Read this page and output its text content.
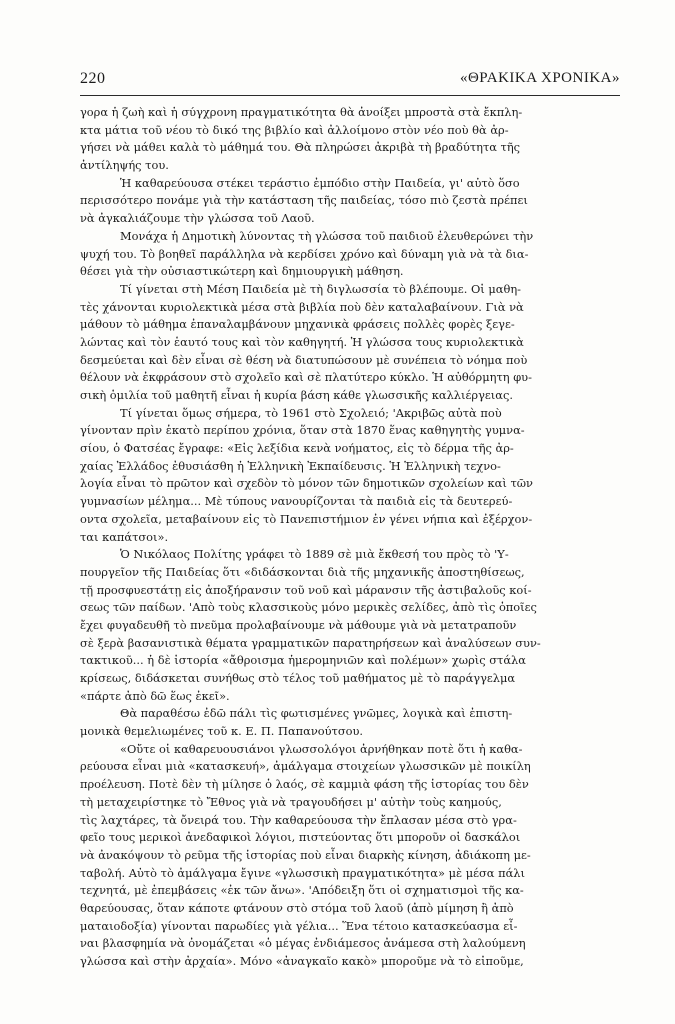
220	«ΘΡΑΚΙΚΑ ΧΡΟΝΙΚΑ»
γορα ἡ ζωὴ καὶ ἡ σύγχρονη πραγματικότητα θὰ ἀνοίξει μπροστὰ στὰ ἔκπλη-
κτα μάτια τοῦ νέου τὸ δικό της βιβλίο καὶ ἀλλοίμονο στὸν νέο ποὺ θὰ ἀρ-
γήσει νὰ μάθει καλὰ τὸ μάθημά του. Θὰ πληρώσει ἀκριβὰ τὴ βραδύτητα τῆς
ἀντίληψής του.
Ἡ καθαρεύουσα στέκει τεράστιο ἐμπόδιο στὴν Παιδεία, γι' αὐτὸ ὅσο
περισσότερο πονάμε γιὰ τὴν κατάσταση τῆς παιδείας, τόσο πιὸ ζεστὰ πρέπει
νὰ ἀγκαλιάζουμε τὴν γλώσσα τοῦ Λαοῦ.
Μονάχα ἡ Δημοτικὴ λύνοντας τὴ γλώσσα τοῦ παιδιοῦ ἐλευθερώνει τὴν
ψυχή του. Τὸ βοηθεῖ παράλληλα νὰ κερδίσει χρόνο καὶ δύναμη γιὰ νὰ τὰ δια-
θέσει γιὰ τὴν οὐσιαστικώτερη καὶ δημιουργικὴ μάθηση.
Τί γίνεται στὴ Μέση Παιδεία μὲ τὴ διγλωσσία τὸ βλέπουμε. Οἱ μαθη-
τὲς χάνονται κυριολεκτικὰ μέσα στὰ βιβλία ποὺ δὲν καταλαβαίνουν. Γιὰ νὰ
μάθουν τὸ μάθημα ἐπαναλαμβάνουν μηχανικὰ φράσεις πολλὲς φορὲς ξεγε-
λώντας καὶ τὸν ἑαυτό τους καὶ τὸν καθηγητή. Ἡ γλώσσα τους κυριολεκτικὰ
δεσμεύεται καὶ δὲν εἶναι σὲ θέση νὰ διατυπώσουν μὲ συνέπεια τὸ νόημα ποὺ
θέλουν νὰ ἐκφράσουν στὸ σχολεῖο καὶ σὲ πλατύτερο κύκλο. Ἡ αὐθόρμητη φυ-
σικὴ ὁμιλία τοῦ μαθητῆ εἶναι ἡ κυρία βάση κάθε γλωσσικῆς καλλιέργειας.
Τί γίνεται ὅμως σήμερα, τὸ 1961 στὸ Σχολειό; 'Ακριβῶς αὐτὰ ποὺ
γίνονταν πρὶν ἑκατὸ περίπου χρόνια, ὅταν στὰ 1870 ἕνας καθηγητὴς γυμνα-
σίου, ὁ Φατσέας ἔγραφε: «Εἰς λεξίδια κενὰ νοήματος, εἰς τὸ δέρμα τῆς ἀρ-
χαίας Ἑλλάδος ἐθυσιάσθη ἡ Ἑλληνικὴ Ἐκπαίδευσις. Ἡ Ἑλληνικὴ τεχνο-
λογία εἶναι τὸ πρῶτον καὶ σχεδὸν τὸ μόνον τῶν δημοτικῶν σχολείων καὶ τῶν
γυμνασίων μέλημα... Μὲ τύπους νανουρίζονται τὰ παιδιὰ εἰς τὰ δευτερεύ-
οντα σχολεῖα, μεταβαίνουν εἰς τὸ Πανεπιστήμιον ἐν γένει νήπια καὶ ἐξέρχον-
ται καπάτσοι».
Ὁ Νικόλαος Πολίτης γράφει τὸ 1889 σὲ μιὰ ἔκθεσή του πρὸς τὸ 'Υ-
πουργεῖον τῆς Παιδείας ὅτι «διδάσκονται διὰ τῆς μηχανικῆς ἀποστηθίσεως,
τῇ προσφυεστάτῃ εἰς ἀποξήρανσιν τοῦ νοῦ καὶ μάρανσιν τῆς ἀστιβαλοῦς κοί-
σεως τῶν παίδων. 'Απὸ τοὺς κλασσικοὺς μόνο μερικὲς σελίδες, ἀπὸ τὶς ὁποῖες
ἔχει φυγαδευθῆ τὸ πνεῦμα προλαβαίνουμε νὰ μάθουμε γιὰ νὰ μετατραποῦν
σὲ ξερὰ βασανιστικὰ θέματα γραμματικῶν παρατηρήσεων καὶ ἀναλύσεων συν-
τακτικοῦ... ἡ δὲ ἱστορία «ἄθροισμα ἡμερομηνιῶν καὶ πολέμων» χωρὶς στάλα
κρίσεως, διδάσκεται συνήθως στὸ τέλος τοῦ μαθήματος μὲ τὸ παράγγελμα
«πάρτε ἀπὸ δῶ ἕως ἐκεῖ».
Θὰ παραθέσω ἐδῶ πάλι τὶς φωτισμένες γνῶμες, λογικὰ καὶ ἐπιστη-
μονικὰ θεμελιωμένες τοῦ κ. Ε. Π. Παπανούτσου.
«Οὔτε οἱ καθαρευουσιάνοι γλωσσολόγοι ἀρνήθηκαν ποτὲ ὅτι ἡ καθα-
ρεύουσα εἶναι μιὰ «κατασκευή», ἀμάλγαμα στοιχείων γλωσσικῶν μὲ ποικίλη
προέλευση. Ποτὲ δὲν τὴ μίλησε ὁ λαός, σὲ καμμιὰ φάση τῆς ἱστορίας του δὲν
τὴ μεταχειρίστηκε τὸ Ἔθνος γιὰ νὰ τραγουδήσει μ' αὐτὴν τοὺς καημούς,
τὶς λαχτάρες, τὰ ὄνειρά του. Τὴν καθαρεύουσα τὴν ἔπλασαν μέσα στὸ γρα-
φεῖο τους μερικοὶ ἀνεδαφικοὶ λόγιοι, πιστεύοντας ὅτι μποροῦν οἱ δασκάλοι
νὰ ἀνακόψουν τὸ ρεῦμα τῆς ἱστορίας ποὺ εἶναι διαρκὴς κίνηση, ἀδιάκοπη με-
ταβολή. Αὐτὸ τὸ ἀμάλγαμα ἔγινε «γλωσσικὴ πραγματικότητα» μὲ μέσα πάλι
τεχνητά, μὲ ἐπεμβάσεις «ἐκ τῶν ἄνω». 'Απόδειξη ὅτι οἱ σχηματισμοὶ τῆς κα-
θαρεύουσας, ὅταν κάποτε φτάνουν στὸ στόμα τοῦ λαοῦ (ἀπὸ μίμηση ἢ ἀπὸ
ματαιοδοξία) γίνονται παρωδίες γιὰ γέλια... Ἕνα τέτοιο κατασκεύασμα εἶ-
ναι βλασφημία νὰ ὀνομάζεται «ὁ μέγας ἐνδιάμεσος ἀνάμεσα στὴ λαλούμενη
γλώσσα καὶ στὴν ἀρχαία». Μόνο «ἀναγκαῖο κακὸ» μποροῦμε νὰ τὸ εἰποῦμε,
